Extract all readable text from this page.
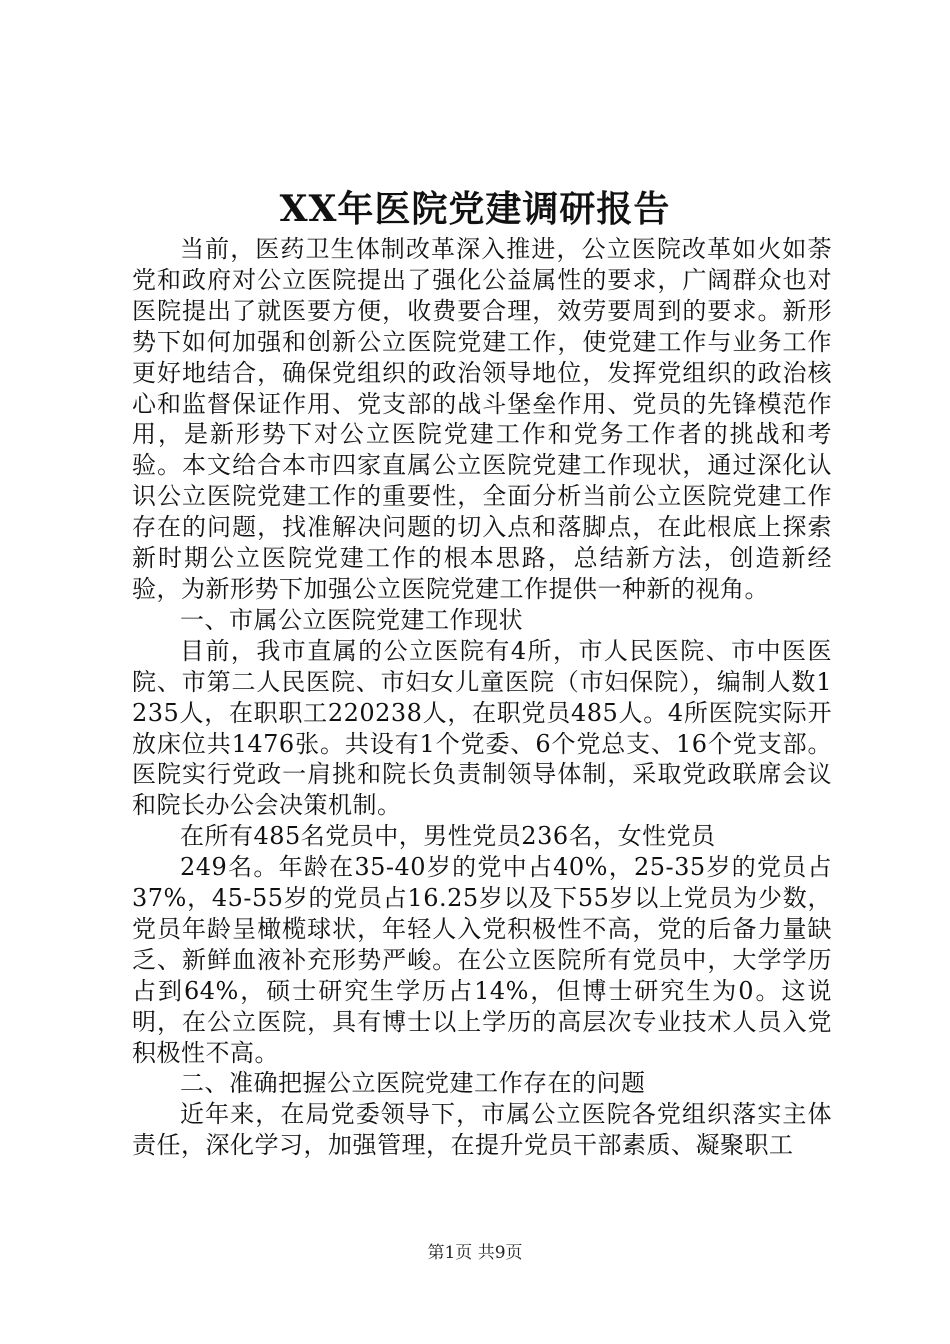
XX年医院党建调研报告

当前，医药卫生体制改革深入推进，公立医院改革如火如荼党和政府对公立医院提出了强化公益属性的要求，广阔群众也对医院提出了就医要方便，收费要合理，效劳要周到的要求。新形势下如何加强和创新公立医院党建工作，使党建工作与业务工作更好地结合，确保党组织的政治领导地位，发挥党组织的政治核心和监督保证作用、党支部的战斗堡垒作用、党员的先锋模范作用，是新形势下对公立医院党建工作和党务工作者的挑战和考验。本文给合本市四家直属公立医院党建工作现状，通过深化认识公立医院党建工作的重要性，全面分析当前公立医院党建工作存在的问题，找准解决问题的切入点和落脚点，在此根底上探索新时期公立医院党建工作的根本思路，总结新方法，创造新经验，为新形势下加强公立医院党建工作提供一种新的视角。

一、市属公立医院党建工作现状

目前，我市直属的公立医院有4所，市人民医院、市中医医院、市第二人民医院、市妇女儿童医院（市妇保院），编制人数1235人，在职职工220238人，在职党员485人。4所医院实际开放床位共1476张。共设有1个党委、6个党总支、16个党支部。医院实行党政一肩挑和院长负责制领导体制，采取党政联席会议和院长办公会决策机制。

在所有485名党员中，男性党员236名，女性党员

249名。年龄在35-40岁的党中占40%，25-35岁的党员占37%，45-55岁的党员占16.25岁以及下55岁以上党员为少数，党员年龄呈橄榄球状，年轻人入党积极性不高，党的后备力量缺乏、新鲜血液补充形势严峻。在公立医院所有党员中，大学学历占到64%，硕士研究生学历占14%，但博士研究生为0。这说明，在公立医院，具有博士以上学历的高层次专业技术人员入党积极性不高。

二、准确把握公立医院党建工作存在的问题

近年来，在局党委领导下，市属公立医院各党组织落实主体责任，深化学习，加强管理，在提升党员干部素质、凝聚职工

第1页 共9页
